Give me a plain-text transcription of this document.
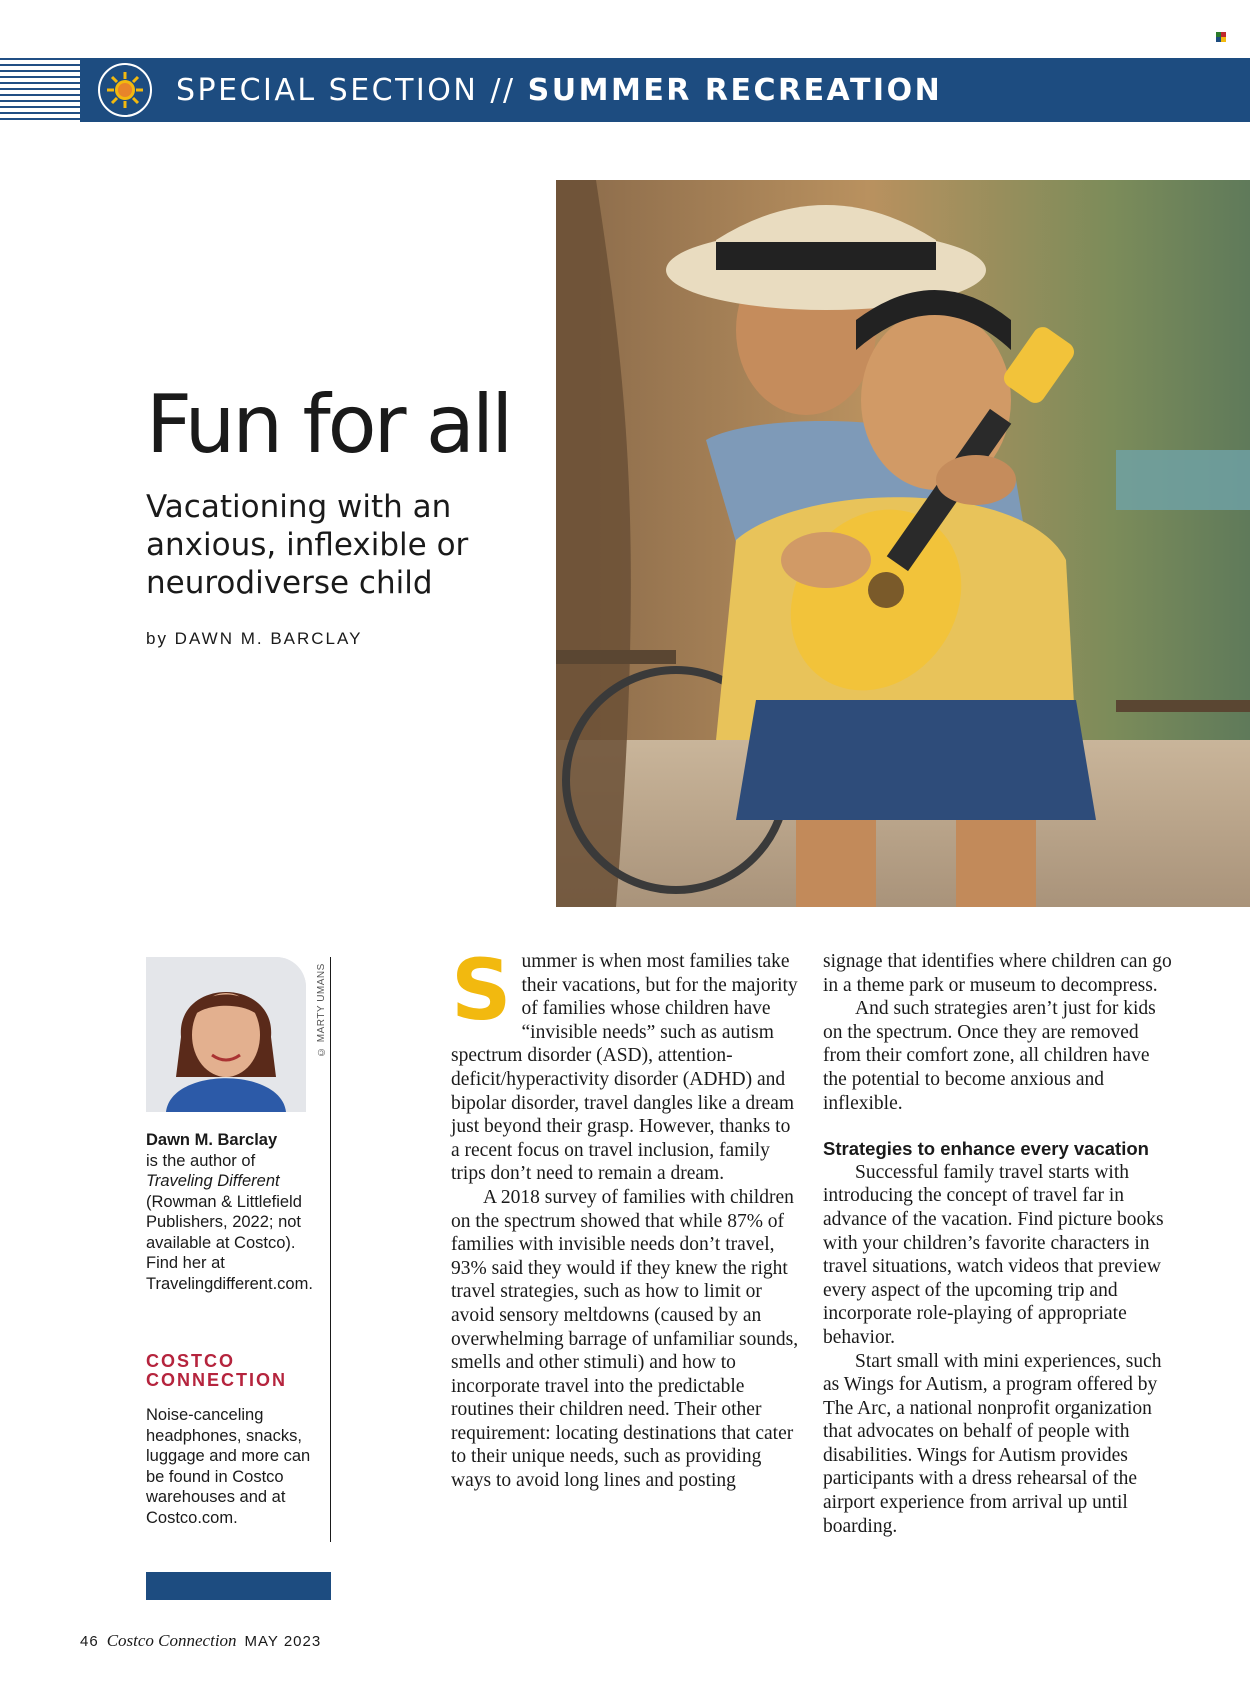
SPECIAL SECTION // SUMMER RECREATION
Fun for all
Vacationing with an anxious, inflexible or neurodiverse child
by DAWN M. BARCLAY
© MARTY UMANS
Dawn M. Barclay
is the author of Traveling Different (Rowman & Littlefield Publishers, 2022; not available at Costco). Find her at Travelingdifferent.com.
COSTCO CONNECTION

Noise-canceling headphones, snacks, luggage and more can be found in Costco warehouses and at Costco.com.

Summer is when most families take their vacations, but for the majority of families whose children have “invisible needs” such as autism spectrum disorder (ASD), attention-deficit/hyperactivity disorder (ADHD) and bipolar disorder, travel dangles like a dream just beyond their grasp. However, thanks to a recent focus on travel inclusion, family trips don’t need to remain a dream.

A 2018 survey of families with children on the spectrum showed that while 87% of families with invisible needs don’t travel, 93% said they would if they knew the right travel strategies, such as how to limit or avoid sensory meltdowns (caused by an overwhelming barrage of unfamiliar sounds, smells and other stimuli) and how to incorporate travel into the predictable routines their children need. Their other requirement: locating destinations that cater to their unique needs, such as providing ways to avoid long lines and posting

signage that identifies where children can go in a theme park or museum to decompress.

And such strategies aren’t just for kids on the spectrum. Once they are removed from their comfort zone, all children have the potential to become anxious and inflexible.

Strategies to enhance every vacation

Successful family travel starts with introducing the concept of travel far in advance of the vacation. Find picture books with your children’s favorite characters in travel situations, watch videos that preview every aspect of the upcoming trip and incorporate role-playing of appropriate behavior.

Start small with mini experiences, such as Wings for Autism, a program offered by The Arc, a national nonprofit organization that advocates on behalf of people with disabilities. Wings for Autism provides participants with a dress rehearsal of the airport experience from arrival up until boarding.

46 Costco Connection MAY 2023
